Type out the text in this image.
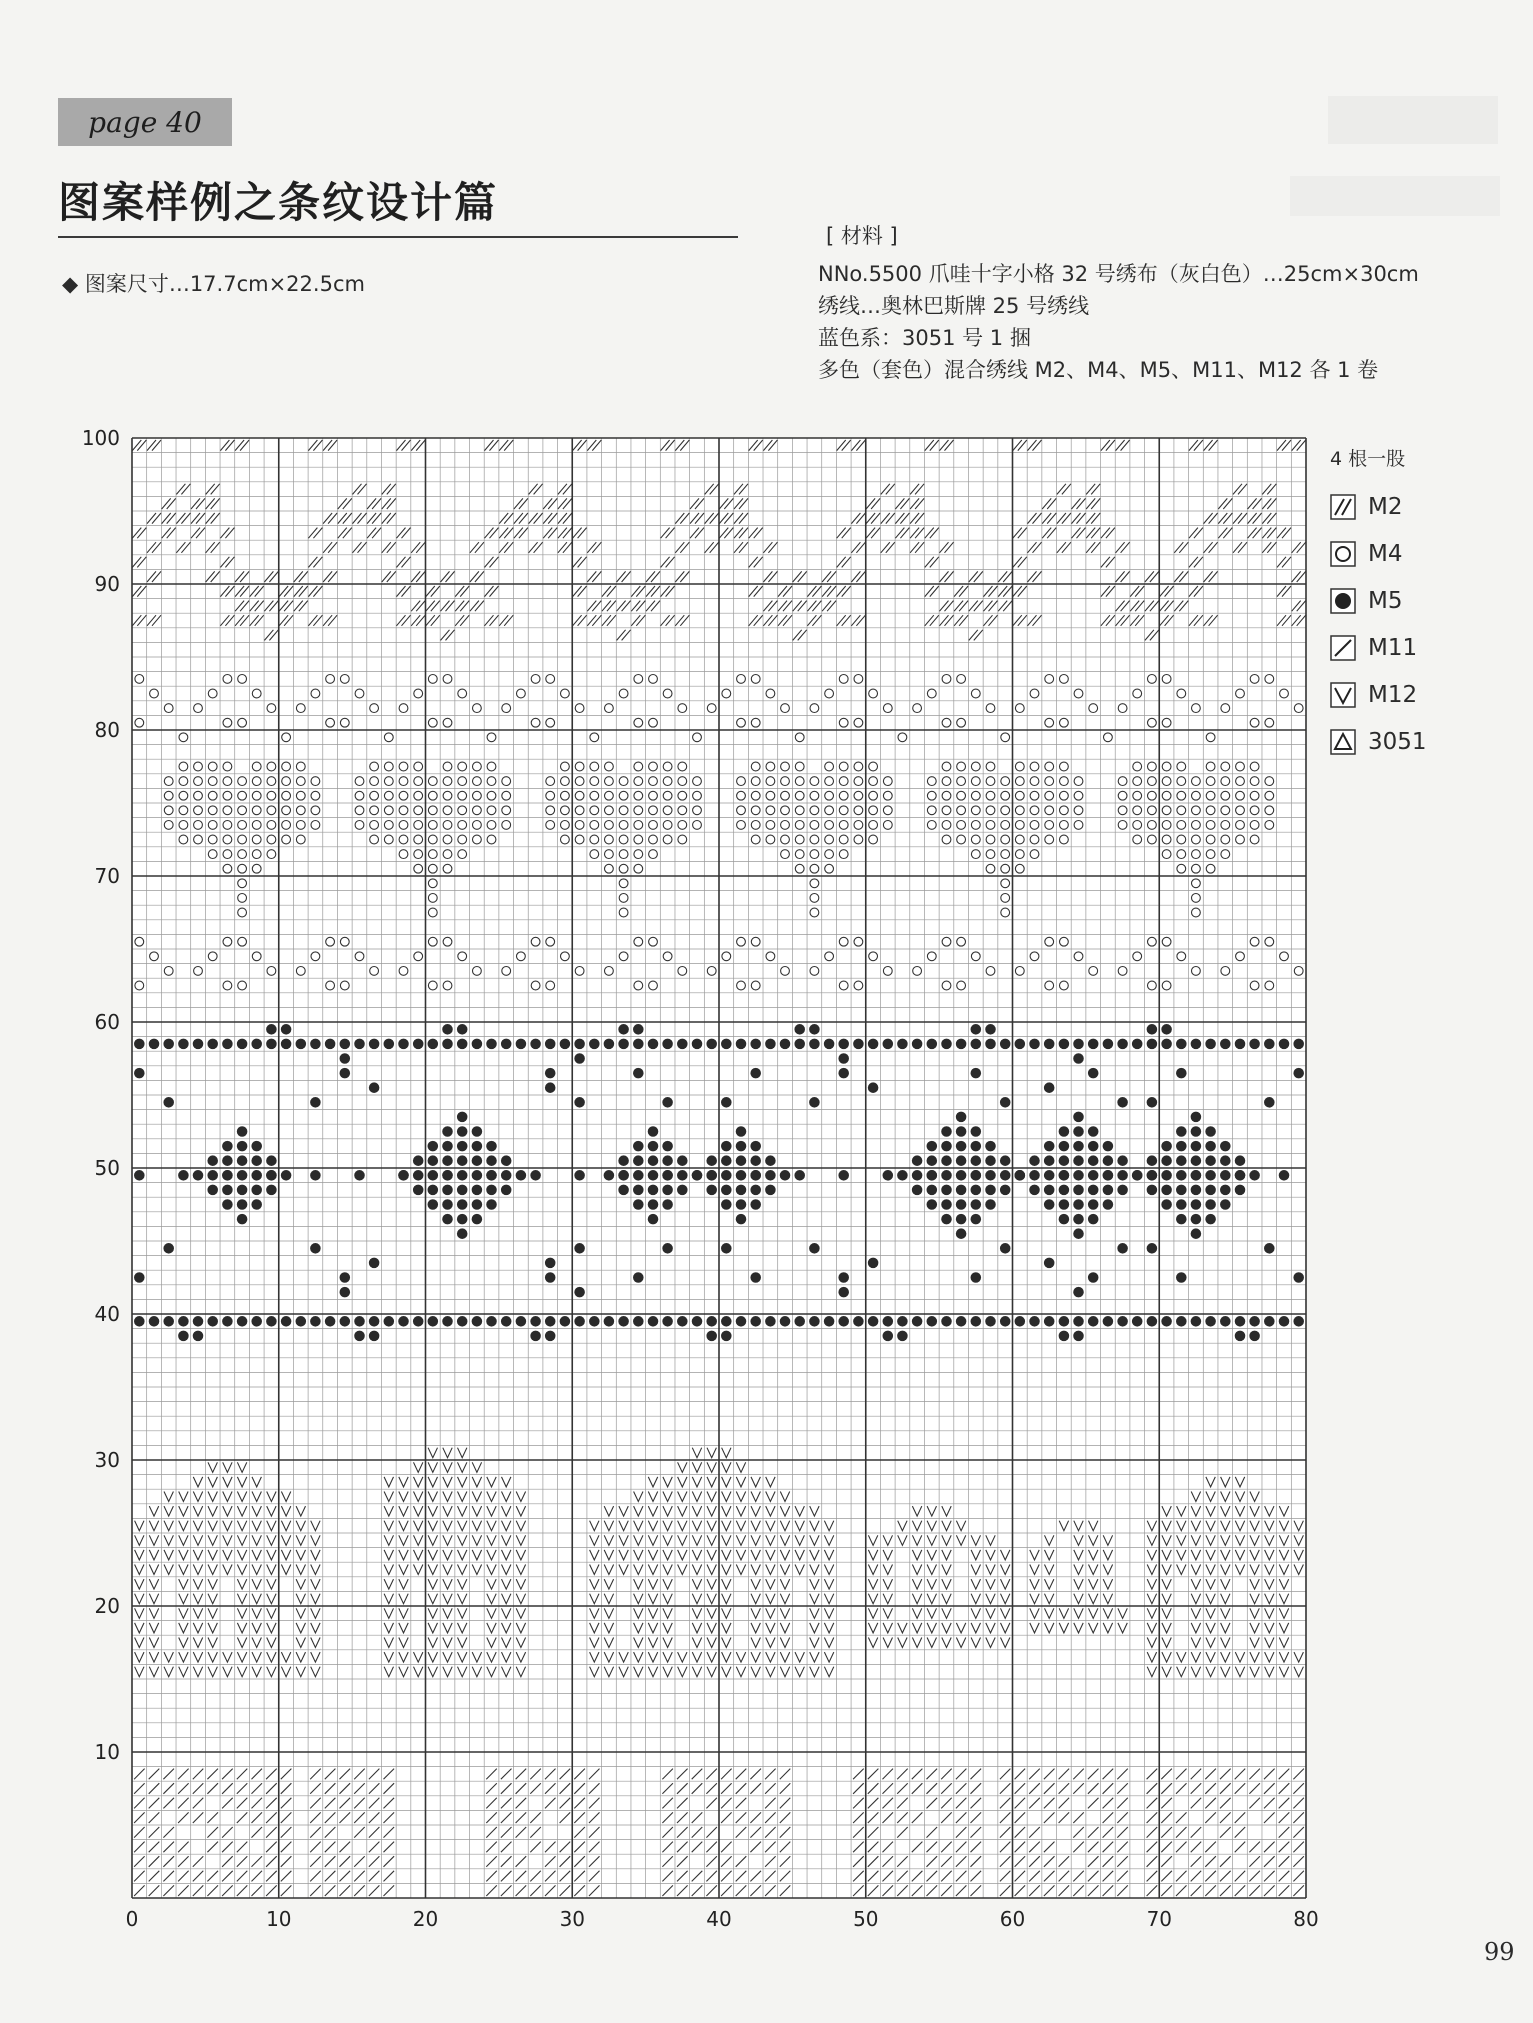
page 40
图案样例之条纹设计篇
◆ 图案尺寸…17.7cm×22.5cm
[ 材料 ]
NNo.5500 爪哇十字小格 32 号绣布（灰白色）…25cm×30cm
绣线…奥林巴斯牌 25 号绣线
蓝色系：3051 号 1 捆
多色（套色）混合绣线 M2、M4、M5、M11、M12 各 1 卷
0	10	20	30	40	50	60	70	80
10
20
30
40
50
60
70
80
90
100
4 根一股
M2
M4
M5
M11
M12
3051
99
